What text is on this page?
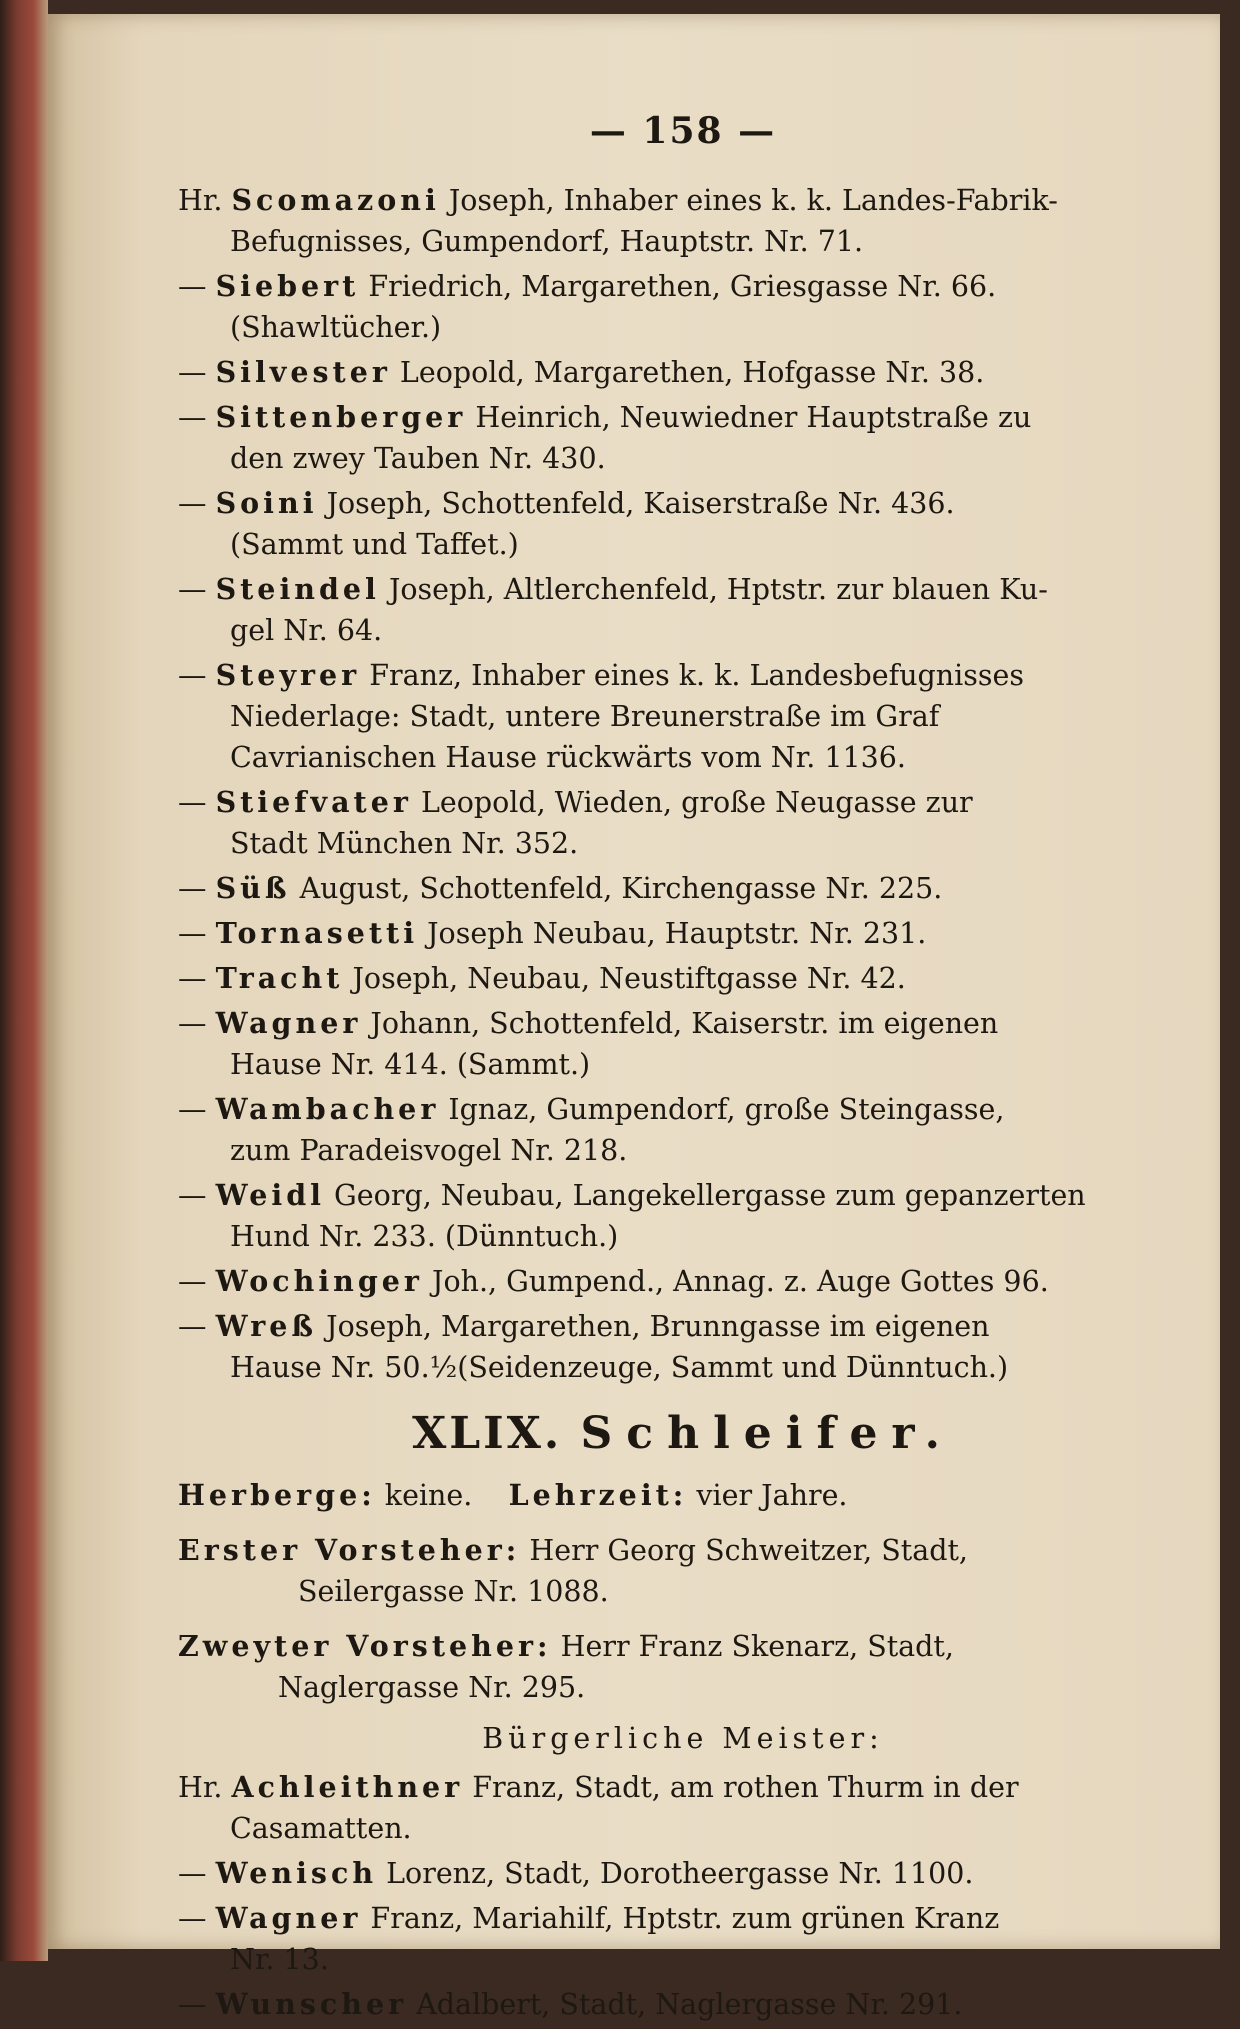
— 158 —
Hr. Scomazoni Joseph, Inhaber eines k. k. Landes-Fabrik-
Befugnisses, Gumpendorf, Hauptstr. Nr. 71.
— Siebert Friedrich, Margarethen, Griesgasse Nr. 66.
(Shawltücher.)
— Silvester Leopold, Margarethen, Hofgasse Nr. 38.
— Sittenberger Heinrich, Neuwiedner Hauptstraße zu
den zwey Tauben Nr. 430.
— Soini Joseph, Schottenfeld, Kaiserstraße Nr. 436.
(Sammt und Taffet.)
— Steindel Joseph, Altlerchenfeld, Hptstr. zur blauen Ku-
gel Nr. 64.
— Steyrer Franz, Inhaber eines k. k. Landesbefugnisses
Niederlage: Stadt, untere Breunerstraße im Graf
Cavrianischen Hause rückwärts vom Nr. 1136.
— Stiefvater Leopold, Wieden, große Neugasse zur
Stadt München Nr. 352.
— Süß August, Schottenfeld, Kirchengasse Nr. 225.
— Tornasetti Joseph Neubau, Hauptstr. Nr. 231.
— Tracht Joseph, Neubau, Neustiftgasse Nr. 42.
— Wagner Johann, Schottenfeld, Kaiserstr. im eigenen
Hause Nr. 414. (Sammt.)
— Wambacher Ignaz, Gumpendorf, große Steingasse,
zum Paradeisvogel Nr. 218.
— Weidl Georg, Neubau, Langekellergasse zum gepanzerten
Hund Nr. 233. (Dünntuch.)
— Wochinger Joh., Gumpend., Annag. z. Auge Gottes 96.
— Wreß Joseph, Margarethen, Brunngasse im eigenen
Hause Nr. 50.½(Seidenzeuge, Sammt und Dünntuch.)
XLIX. Schleifer.
Herberge: keine. Lehrzeit: vier Jahre.
Erster Vorsteher: Herr Georg Schweitzer, Stadt,
Seilergasse Nr. 1088.
Zweyter Vorsteher: Herr Franz Skenarz, Stadt,
Naglergasse Nr. 295.
Bürgerliche Meister:
Hr. Achleithner Franz, Stadt, am rothen Thurm in der
Casamatten.
— Wenisch Lorenz, Stadt, Dorotheergasse Nr. 1100.
— Wagner Franz, Mariahilf, Hptstr. zum grünen Kranz
Nr. 13.
— Wunscher Adalbert, Stadt, Naglergasse Nr. 291.
